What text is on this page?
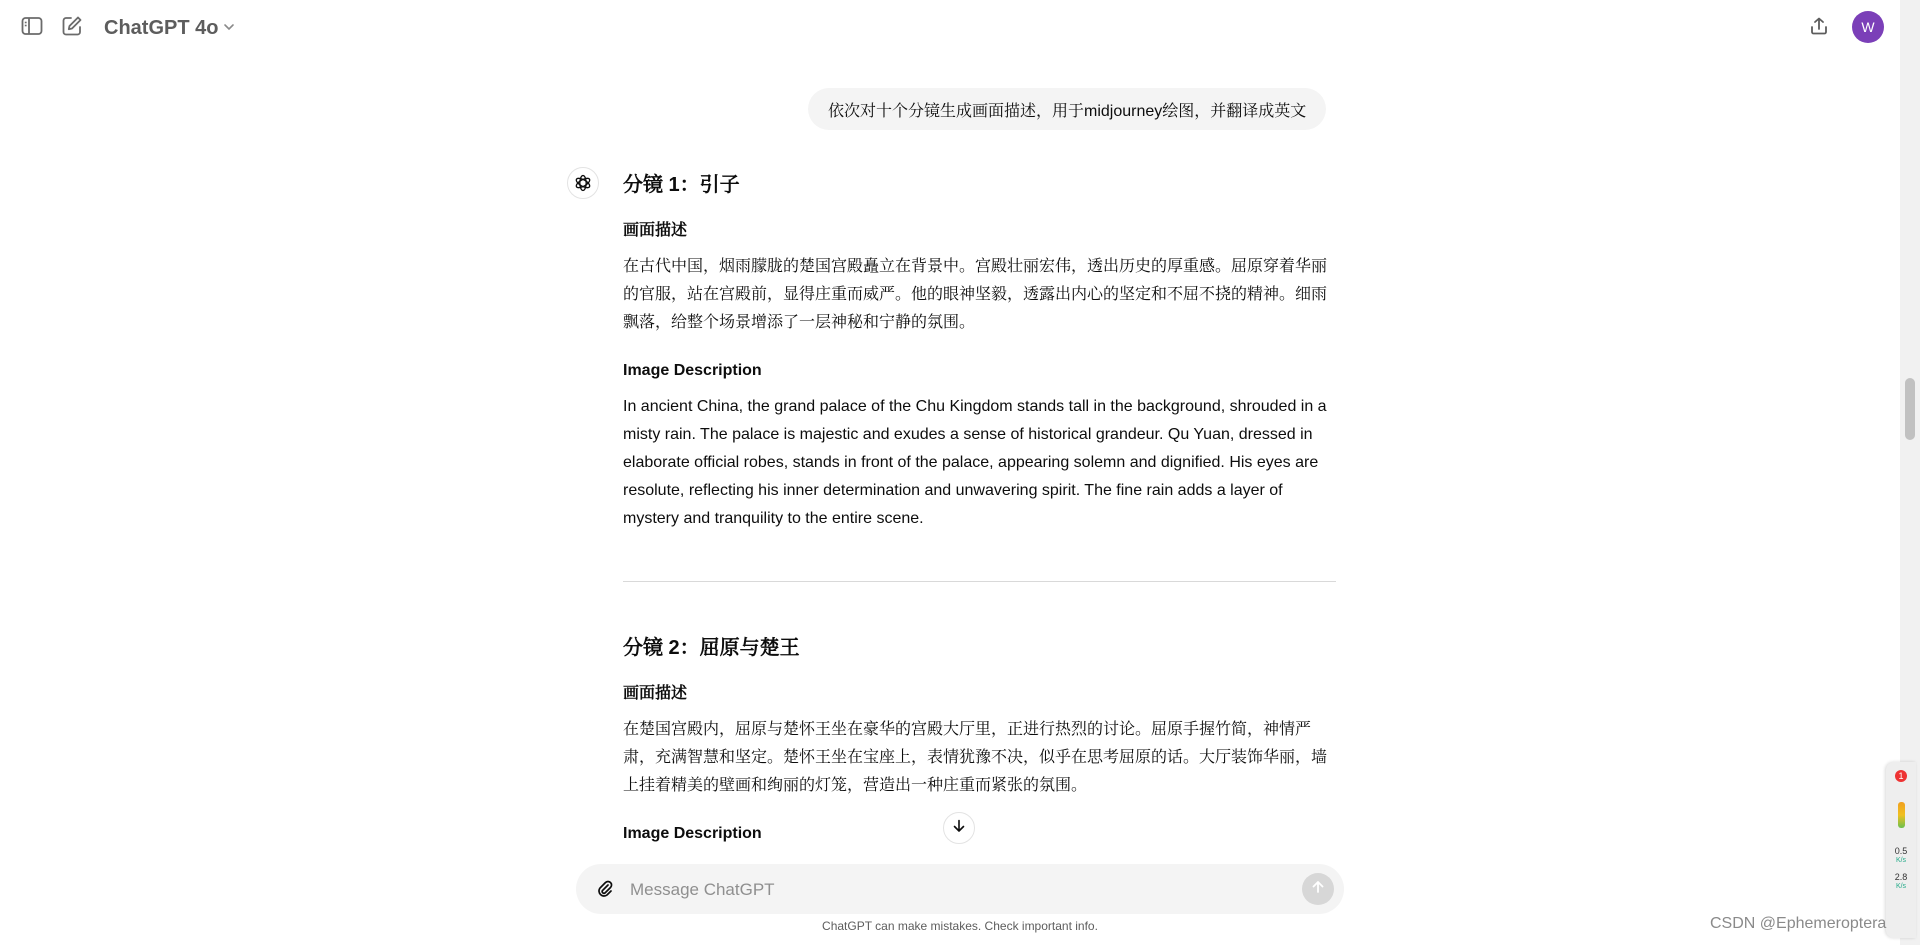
ChatGPT 4o	W
依次对十个分镜生成画面描述，用于midjourney绘图，并翻译成英文
分镜 1：引子
画面描述

在古代中国，烟雨朦胧的楚国宫殿矗立在背景中。宫殿壮丽宏伟，透出历史的厚重感。屈原穿着华丽的官服，站在宫殿前，显得庄重而威严。他的眼神坚毅，透露出内心的坚定和不屈不挠的精神。细雨飘落，给整个场景增添了一层神秘和宁静的氛围。

Image Description

In ancient China, the grand palace of the Chu Kingdom stands tall in the background, shrouded in a misty rain. The palace is majestic and exudes a sense of historical grandeur. Qu Yuan, dressed in elaborate official robes, stands in front of the palace, appearing solemn and dignified. His eyes are resolute, reflecting his inner determination and unwavering spirit. The fine rain adds a layer of mystery and tranquility to the entire scene.

分镜 2：屈原与楚王
画面描述

在楚国宫殿内，屈原与楚怀王坐在豪华的宫殿大厅里，正进行热烈的讨论。屈原手握竹简，神情严肃，充满智慧和坚定。楚怀王坐在宝座上，表情犹豫不决，似乎在思考屈原的话。大厅装饰华丽，墙上挂着精美的壁画和绚丽的灯笼，营造出一种庄重而紧张的氛围。

Image Description

Message ChatGPT
ChatGPT can make mistakes. Check important info.
1
0.5
K/s
2.8
K/s
CSDN @Ephemeroptera
